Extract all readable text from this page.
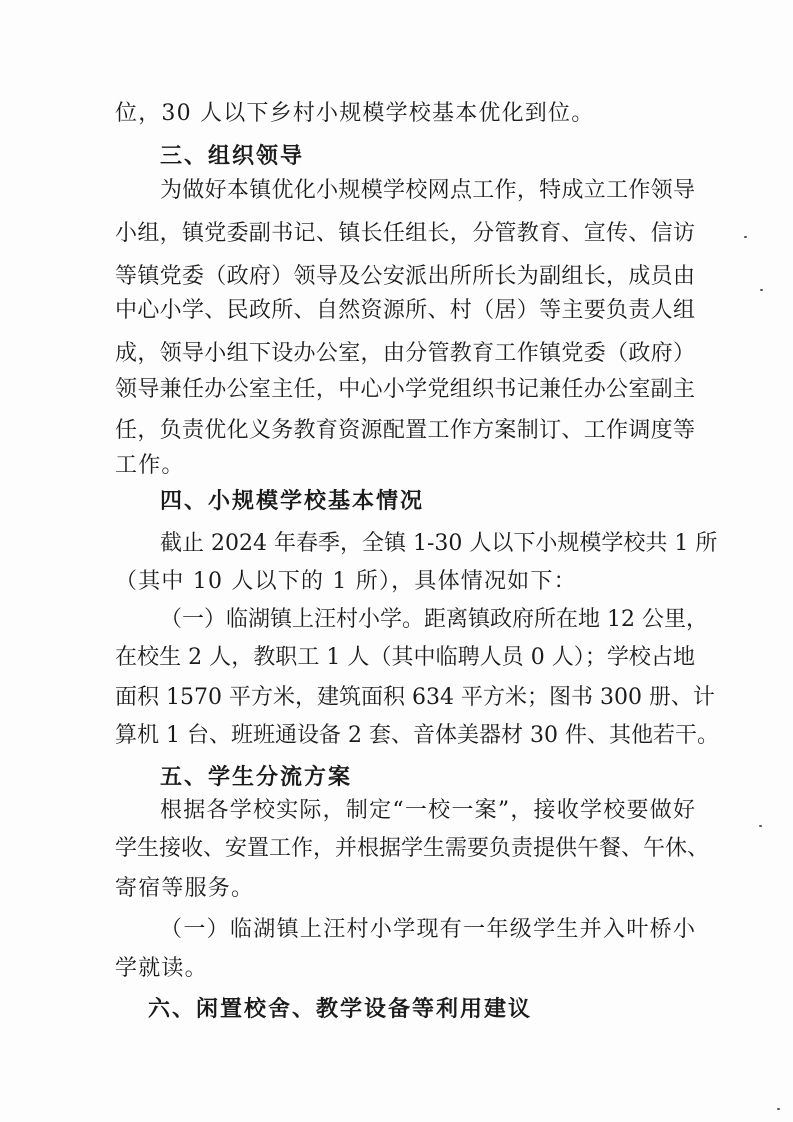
位，30 人以下乡村小规模学校基本优化到位。
三、组织领导
为做好本镇优化小规模学校网点工作，特成立工作领导
小组，镇党委副书记、镇长任组长，分管教育、宣传、信访
等镇党委（政府）领导及公安派出所所长为副组长，成员由
中心小学、民政所、自然资源所、村（居）等主要负责人组
成，领导小组下设办公室，由分管教育工作镇党委（政府）
领导兼任办公室主任，中心小学党组织书记兼任办公室副主
任，负责优化义务教育资源配置工作方案制订、工作调度等
工作。
四、小规模学校基本情况
截止 2024 年春季，全镇 1-30 人以下小规模学校共 1 所
（其中 10 人以下的 1 所），具体情况如下：
（一）临湖镇上汪村小学。距离镇政府所在地 12 公里，
在校生 2 人，教职工 1 人（其中临聘人员 0 人）；学校占地
面积 1570 平方米，建筑面积 634 平方米；图书 300 册、计
算机 1 台、班班通设备 2 套、音体美器材 30 件、其他若干。
五、学生分流方案
根据各学校实际，制定“一校一案”，接收学校要做好
学生接收、安置工作，并根据学生需要负责提供午餐、午休、
寄宿等服务。
（一）临湖镇上汪村小学现有一年级学生并入叶桥小
学就读。
六、闲置校舍、教学设备等利用建议
